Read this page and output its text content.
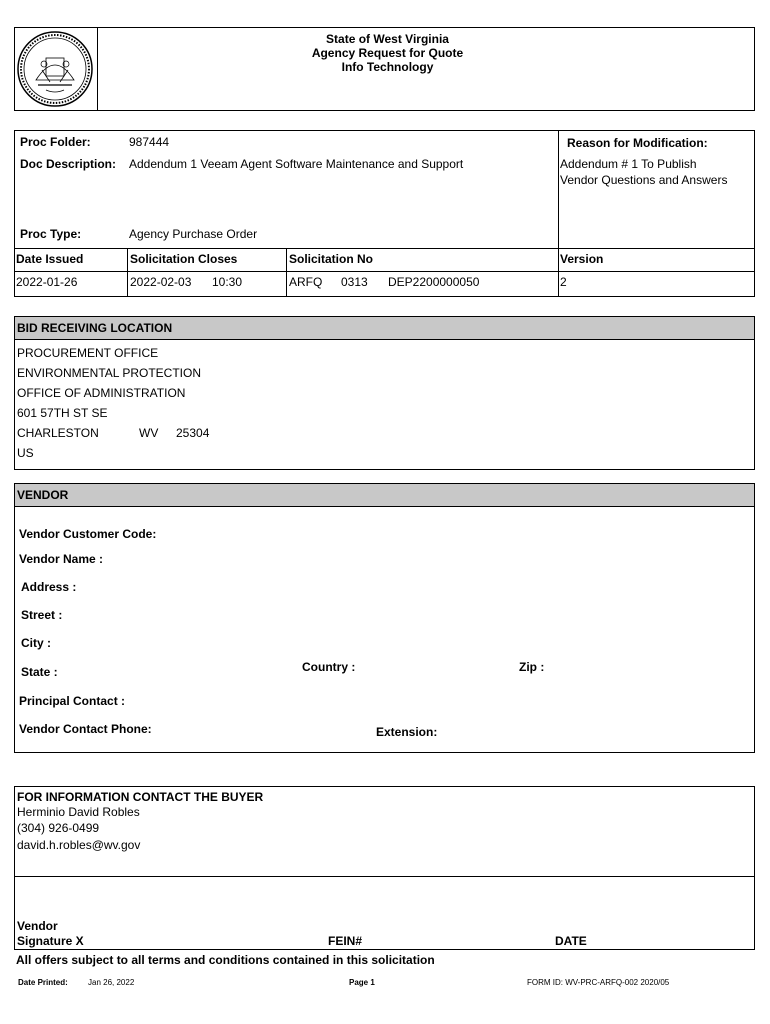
State of West Virginia
Agency Request for Quote
Info Technology
Proc Folder:	987444
Doc Description: Addendum 1 Veeam Agent Software Maintenance and Support
Proc Type:	Agency Purchase Order
Reason for Modification:
Addendum # 1 To Publish
Vendor Questions and Answers
Date Issued	Solicitation Closes	Solicitation No	Version
2022-01-26	2022-02-03 10:30	ARFQ 0313 DEP2200000050	2
BID RECEIVING LOCATION
PROCUREMENT OFFICE
ENVIRONMENTAL PROTECTION
OFFICE OF ADMINISTRATION
601 57TH ST SE
CHARLESTON	WV 25304
US
VENDOR
Vendor Customer Code:
Vendor Name :
Address :
Street :
City :
State :	Country :	Zip :
Principal Contact :
Vendor Contact Phone:	Extension:
FOR INFORMATION CONTACT THE BUYER
Herminio David Robles
(304) 926-0499
david.h.robles@wv.gov
Vendor
Signature X	FEIN#	DATE
All offers subject to all terms and conditions contained in this solicitation
Date Printed:	Jan 26, 2022	Page 1	FORM ID: WV-PRC-ARFQ-002 2020/05
